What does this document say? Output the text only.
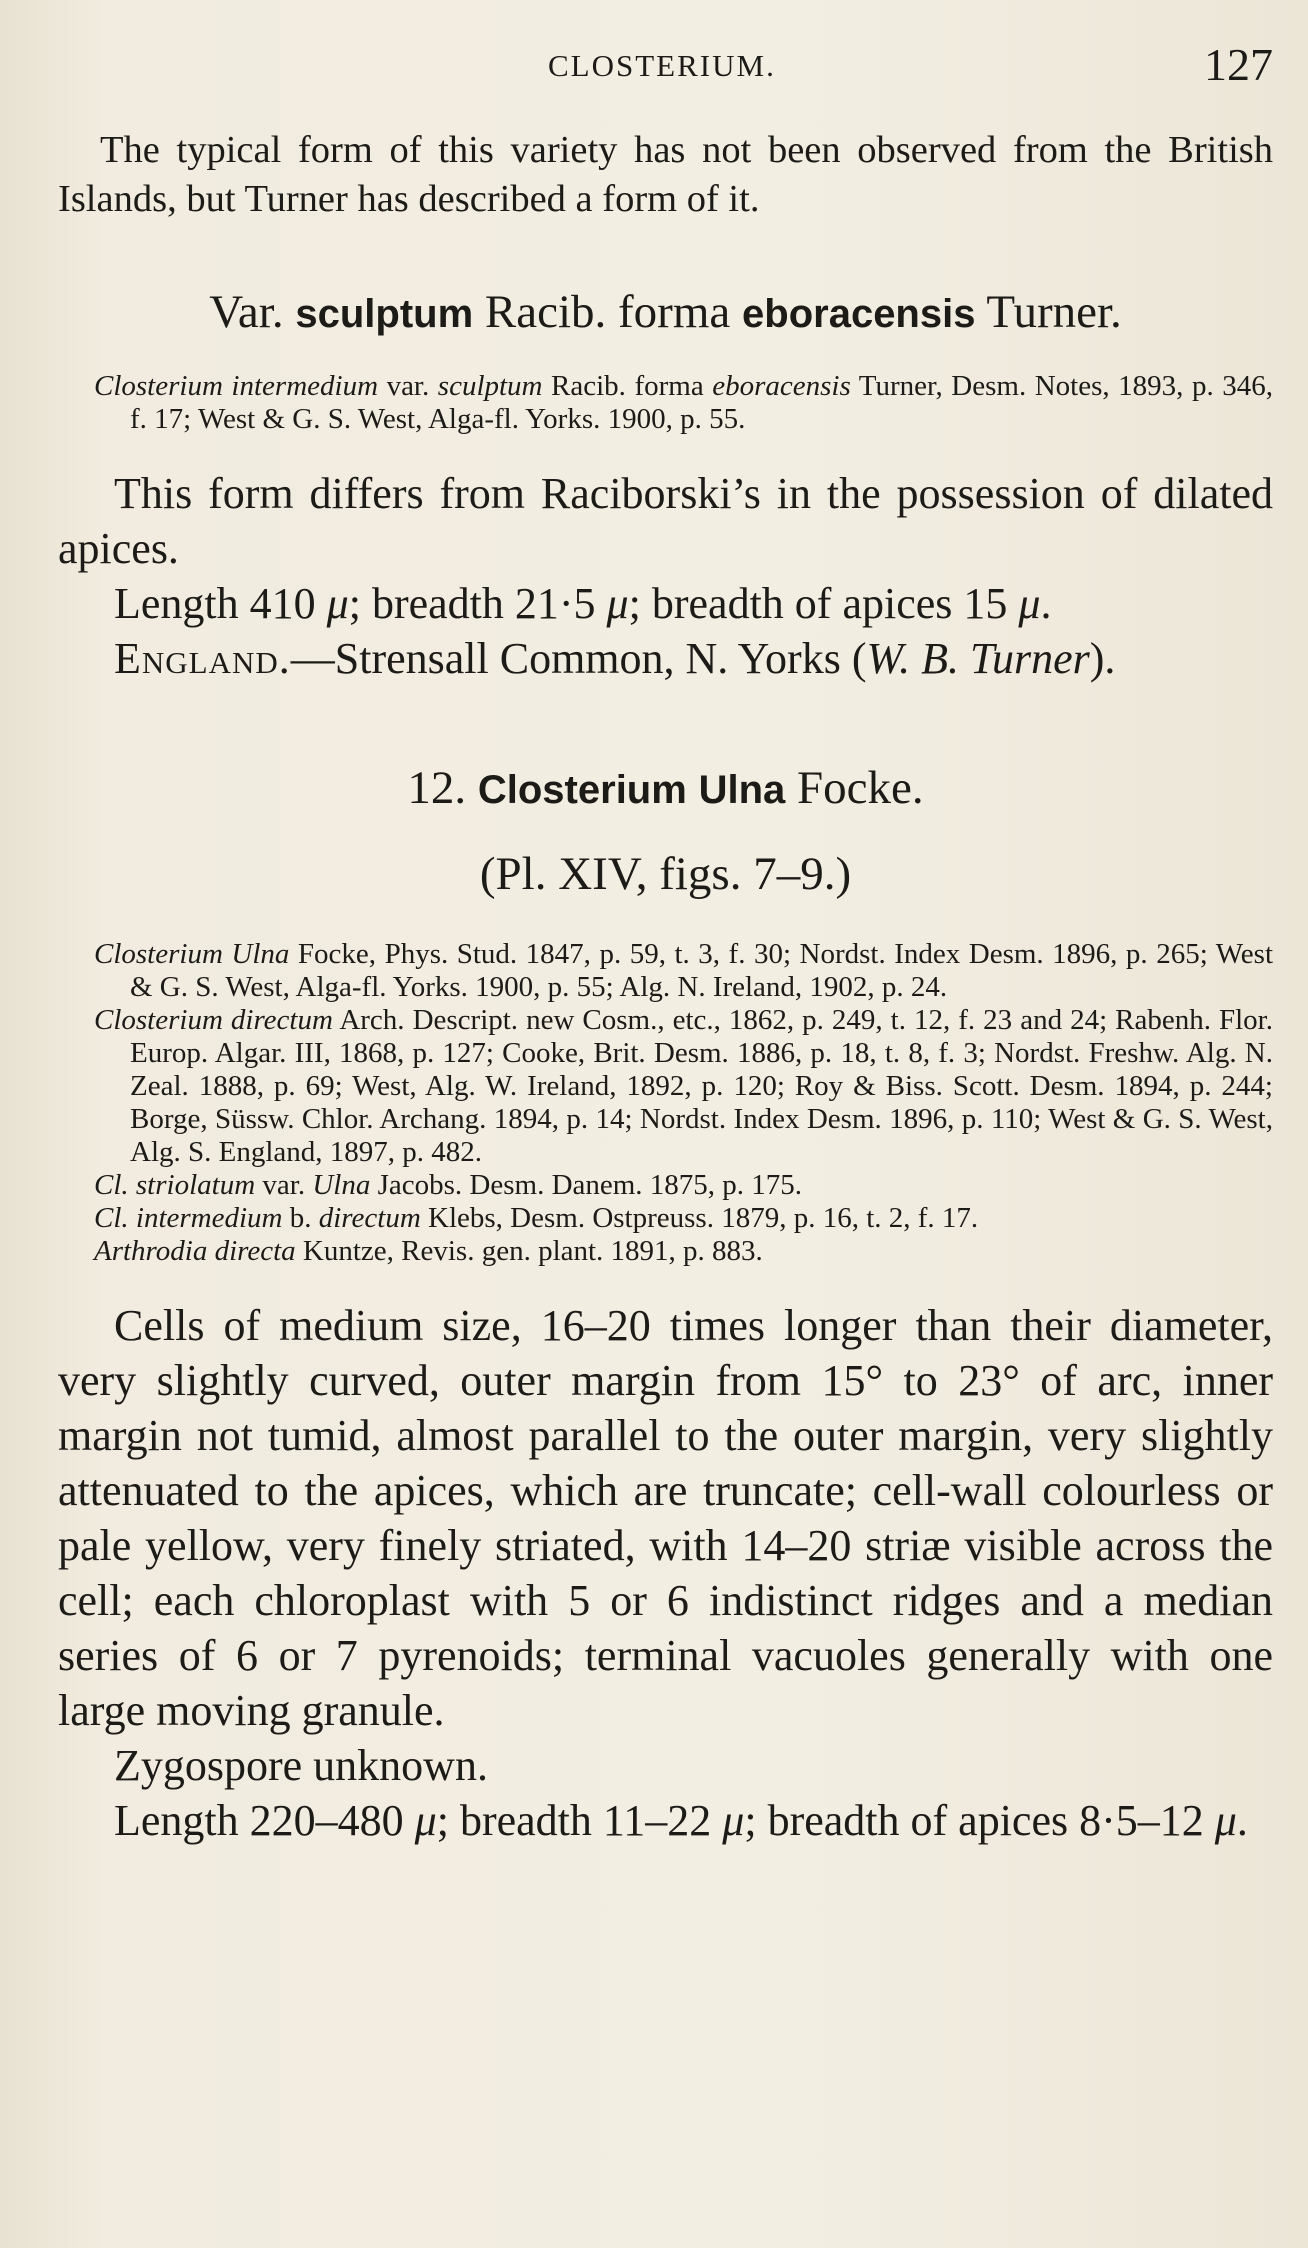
CLOSTERIUM.	127

The typical form of this variety has not been observed from the British Islands, but Turner has described a form of it.

Var. sculptum Racib. forma eboracensis Turner.

Closterium intermedium var. sculptum Racib. forma eboracensis Turner, Desm. Notes, 1893, p. 346, f. 17; West & G. S. West, Alga-fl. Yorks. 1900, p. 55.

This form differs from Raciborski’s in the possession of dilated apices.

Length 410 μ; breadth 21·5 μ; breadth of apices 15 μ.

England.—Strensall Common, N. Yorks (W. B. Turner).

12. Closterium Ulna Focke.
(Pl. XIV, figs. 7–9.)

Closterium Ulna Focke, Phys. Stud. 1847, p. 59, t. 3, f. 30; Nordst. Index Desm. 1896, p. 265; West & G. S. West, Alga-fl. Yorks. 1900, p. 55; Alg. N. Ireland, 1902, p. 24.

Closterium directum Arch. Descript. new Cosm., etc., 1862, p. 249, t. 12, f. 23 and 24; Rabenh. Flor. Europ. Algar. III, 1868, p. 127; Cooke, Brit. Desm. 1886, p. 18, t. 8, f. 3; Nordst. Freshw. Alg. N. Zeal. 1888, p. 69; West, Alg. W. Ireland, 1892, p. 120; Roy & Biss. Scott. Desm. 1894, p. 244; Borge, Süssw. Chlor. Archang. 1894, p. 14; Nordst. Index Desm. 1896, p. 110; West & G. S. West, Alg. S. England, 1897, p. 482.

Cl. striolatum var. Ulna Jacobs. Desm. Danem. 1875, p. 175.

Cl. intermedium b. directum Klebs, Desm. Ostpreuss. 1879, p. 16, t. 2, f. 17.

Arthrodia directa Kuntze, Revis. gen. plant. 1891, p. 883.

Cells of medium size, 16–20 times longer than their diameter, very slightly curved, outer margin from 15° to 23° of arc, inner margin not tumid, almost parallel to the outer margin, very slightly attenuated to the apices, which are truncate; cell-wall colourless or pale yellow, very finely striated, with 14–20 striæ visible across the cell; each chloroplast with 5 or 6 indistinct ridges and a median series of 6 or 7 pyrenoids; terminal vacuoles generally with one large moving granule.

Zygospore unknown.

Length 220–480 μ; breadth 11–22 μ; breadth of apices 8·5–12 μ.
